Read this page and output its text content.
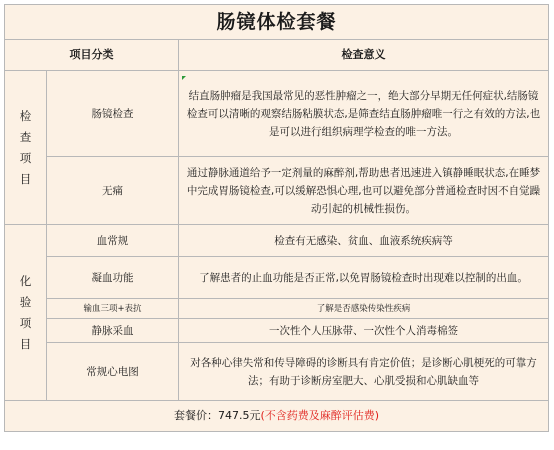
肠镜体检套餐		
项目分类		检查意义

检
查
项
目	肠镜检查	结直肠肿瘤是我国最常见的恶性肿瘤之一，绝大部分早期无任何症状,结肠镜检查可以清晰的观察结肠粘膜状态,是筛查结直肠肿瘤唯一行之有效的方法,也是可以进行组织病理学检查的唯一方法。
	无痛	通过静脉通道给予一定剂量的麻醉剂,帮助患者迅速进入镇静睡眠状态,在睡梦中完成胃肠镜检查,可以缓解恐惧心理,也可以避免部分普通检查时因不自觉躁动引起的机械性损伤。

化
验
项
目	血常规	检查有无感染、贫血、血液系统疾病等
	凝血功能	了解患者的止血功能是否正常,以免胃肠镜检查时出现难以控制的出血。
	输血三项+表抗	了解是否感染传染性疾病
	静脉采血	一次性个人压脉带、一次性个人消毒棉签
	常规心电图	对各种心律失常和传导障碍的诊断具有肯定价值；是诊断心肌梗死的可靠方法；有助于诊断房室肥大、心肌受损和心肌缺血等
套餐价：747.5元(不含药费及麻醉评估费)		
